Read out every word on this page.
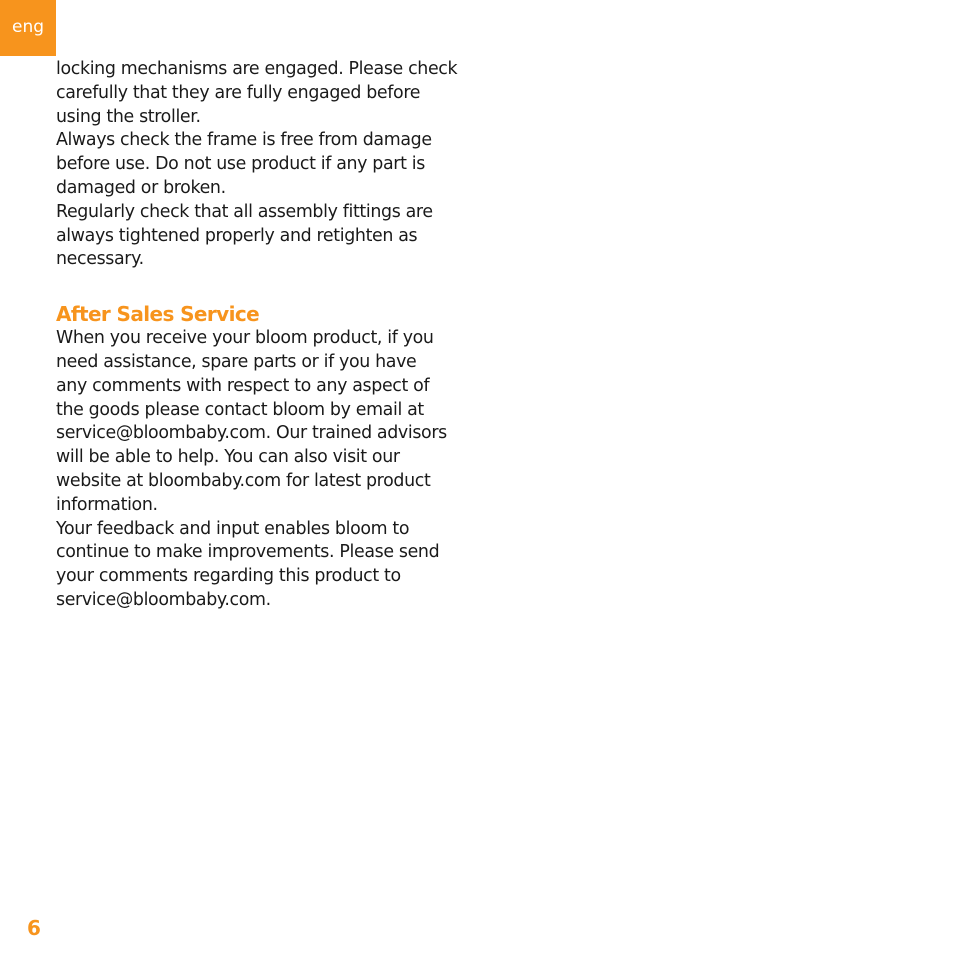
eng
locking mechanisms are engaged. Please check
carefully that they are fully engaged before
using the stroller.
Always check the frame is free from damage
before use. Do not use product if any part is
damaged or broken.
Regularly check that all assembly fittings are
always tightened properly and retighten as
necessary.
After Sales Service
When you receive your bloom product, if you
need assistance, spare parts or if you have
any comments with respect to any aspect of
the goods please contact bloom by email at
service@bloombaby.com. Our trained advisors
will be able to help. You can also visit our
website at bloombaby.com for latest product
information.
Your feedback and input enables bloom to
continue to make improvements. Please send
your comments regarding this product to
service@bloombaby.com.
6
